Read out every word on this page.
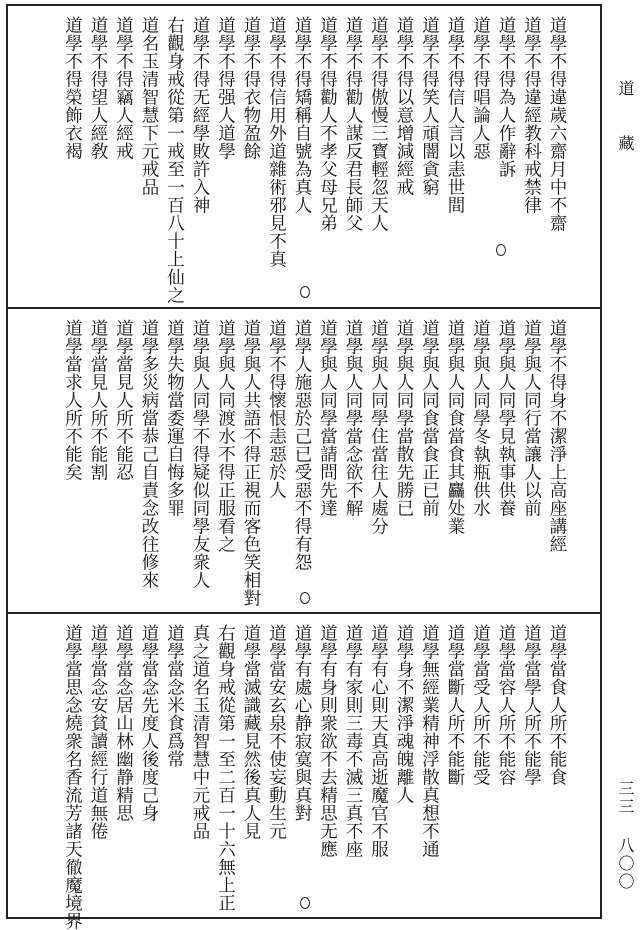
道學不得違歲六齋月中不齋
道學不得違經教科戒禁律
道學不得為人作辭訴
道學不得唱論人惡
道學不得信人言以恚世間
道學不得笑人頑闇貪窮
道學不得以意增減經戒
道學不得傲慢三寳輕忽天人
道學不得勸人謀反君長師父
道學不得勸人不孝父母兄弟
道學不得矯稱自號為真人
道學不得信用外道雜術邪見不真
道學不得衣物盈餘
道學不得强人道學
道學不得无經學敗許入神
右觀身戒從第一戒至一百八十上仙之
道名玉清智慧下元戒品
道學不得竊人經戒
道學不得望人經敎
道學不得榮飾衣褐
道學不得身不潔淨上高座講經
道學與人同行當讓人以前
道學與人同學見執事供養
道學與人同學冬執瓶供水
道學與人同食當食其麤处業
道學與人同食當食正已前
道學與人同學當散先勝已
道學與人同學住當往人處分
道學與人同學當念欲不解
道學與人同學當請問先達
道學人施惡於己已受惡不得有怨
道學不得懷恨恚惡於人
道學與人共語不得正視而客色笑相對
道學與人同渡水不得正服看之
道學與人同學不得疑似同學友衆人
道學失物當委運自悔多罪
道學多災病當恭己自責念改往修來
道學當見人所不能忍
道學當見人所不能割
道學當求人所不能矣
道學當食人所不能食
道學當學人所不能學
道學當容人所不能容
道學當受人所不能受
道學當斷人所不能斷
道學無經業精神浮散真想不通
道學身不潔淨魂魄離人
道學有心則天真高逝魔官不服
道學有家則三毒不滅三真不座
道學有身則衆欲不去精思无應
道學有處心静寂寞與真對
道學當安玄泉不使妄動生元
道學當滅識藏見然後真人見
右觀身戒從第一至二百一十六無上正
真之道名玉清智慧中元戒品
道學當念米食爲常
道學當念先度人後度己身
道學當念居山林幽静精思
道學當念安貧讀經行道無倦
道學當思念燒衆名香流芳諸天徹魔境界
道 藏
三三 八〇〇
